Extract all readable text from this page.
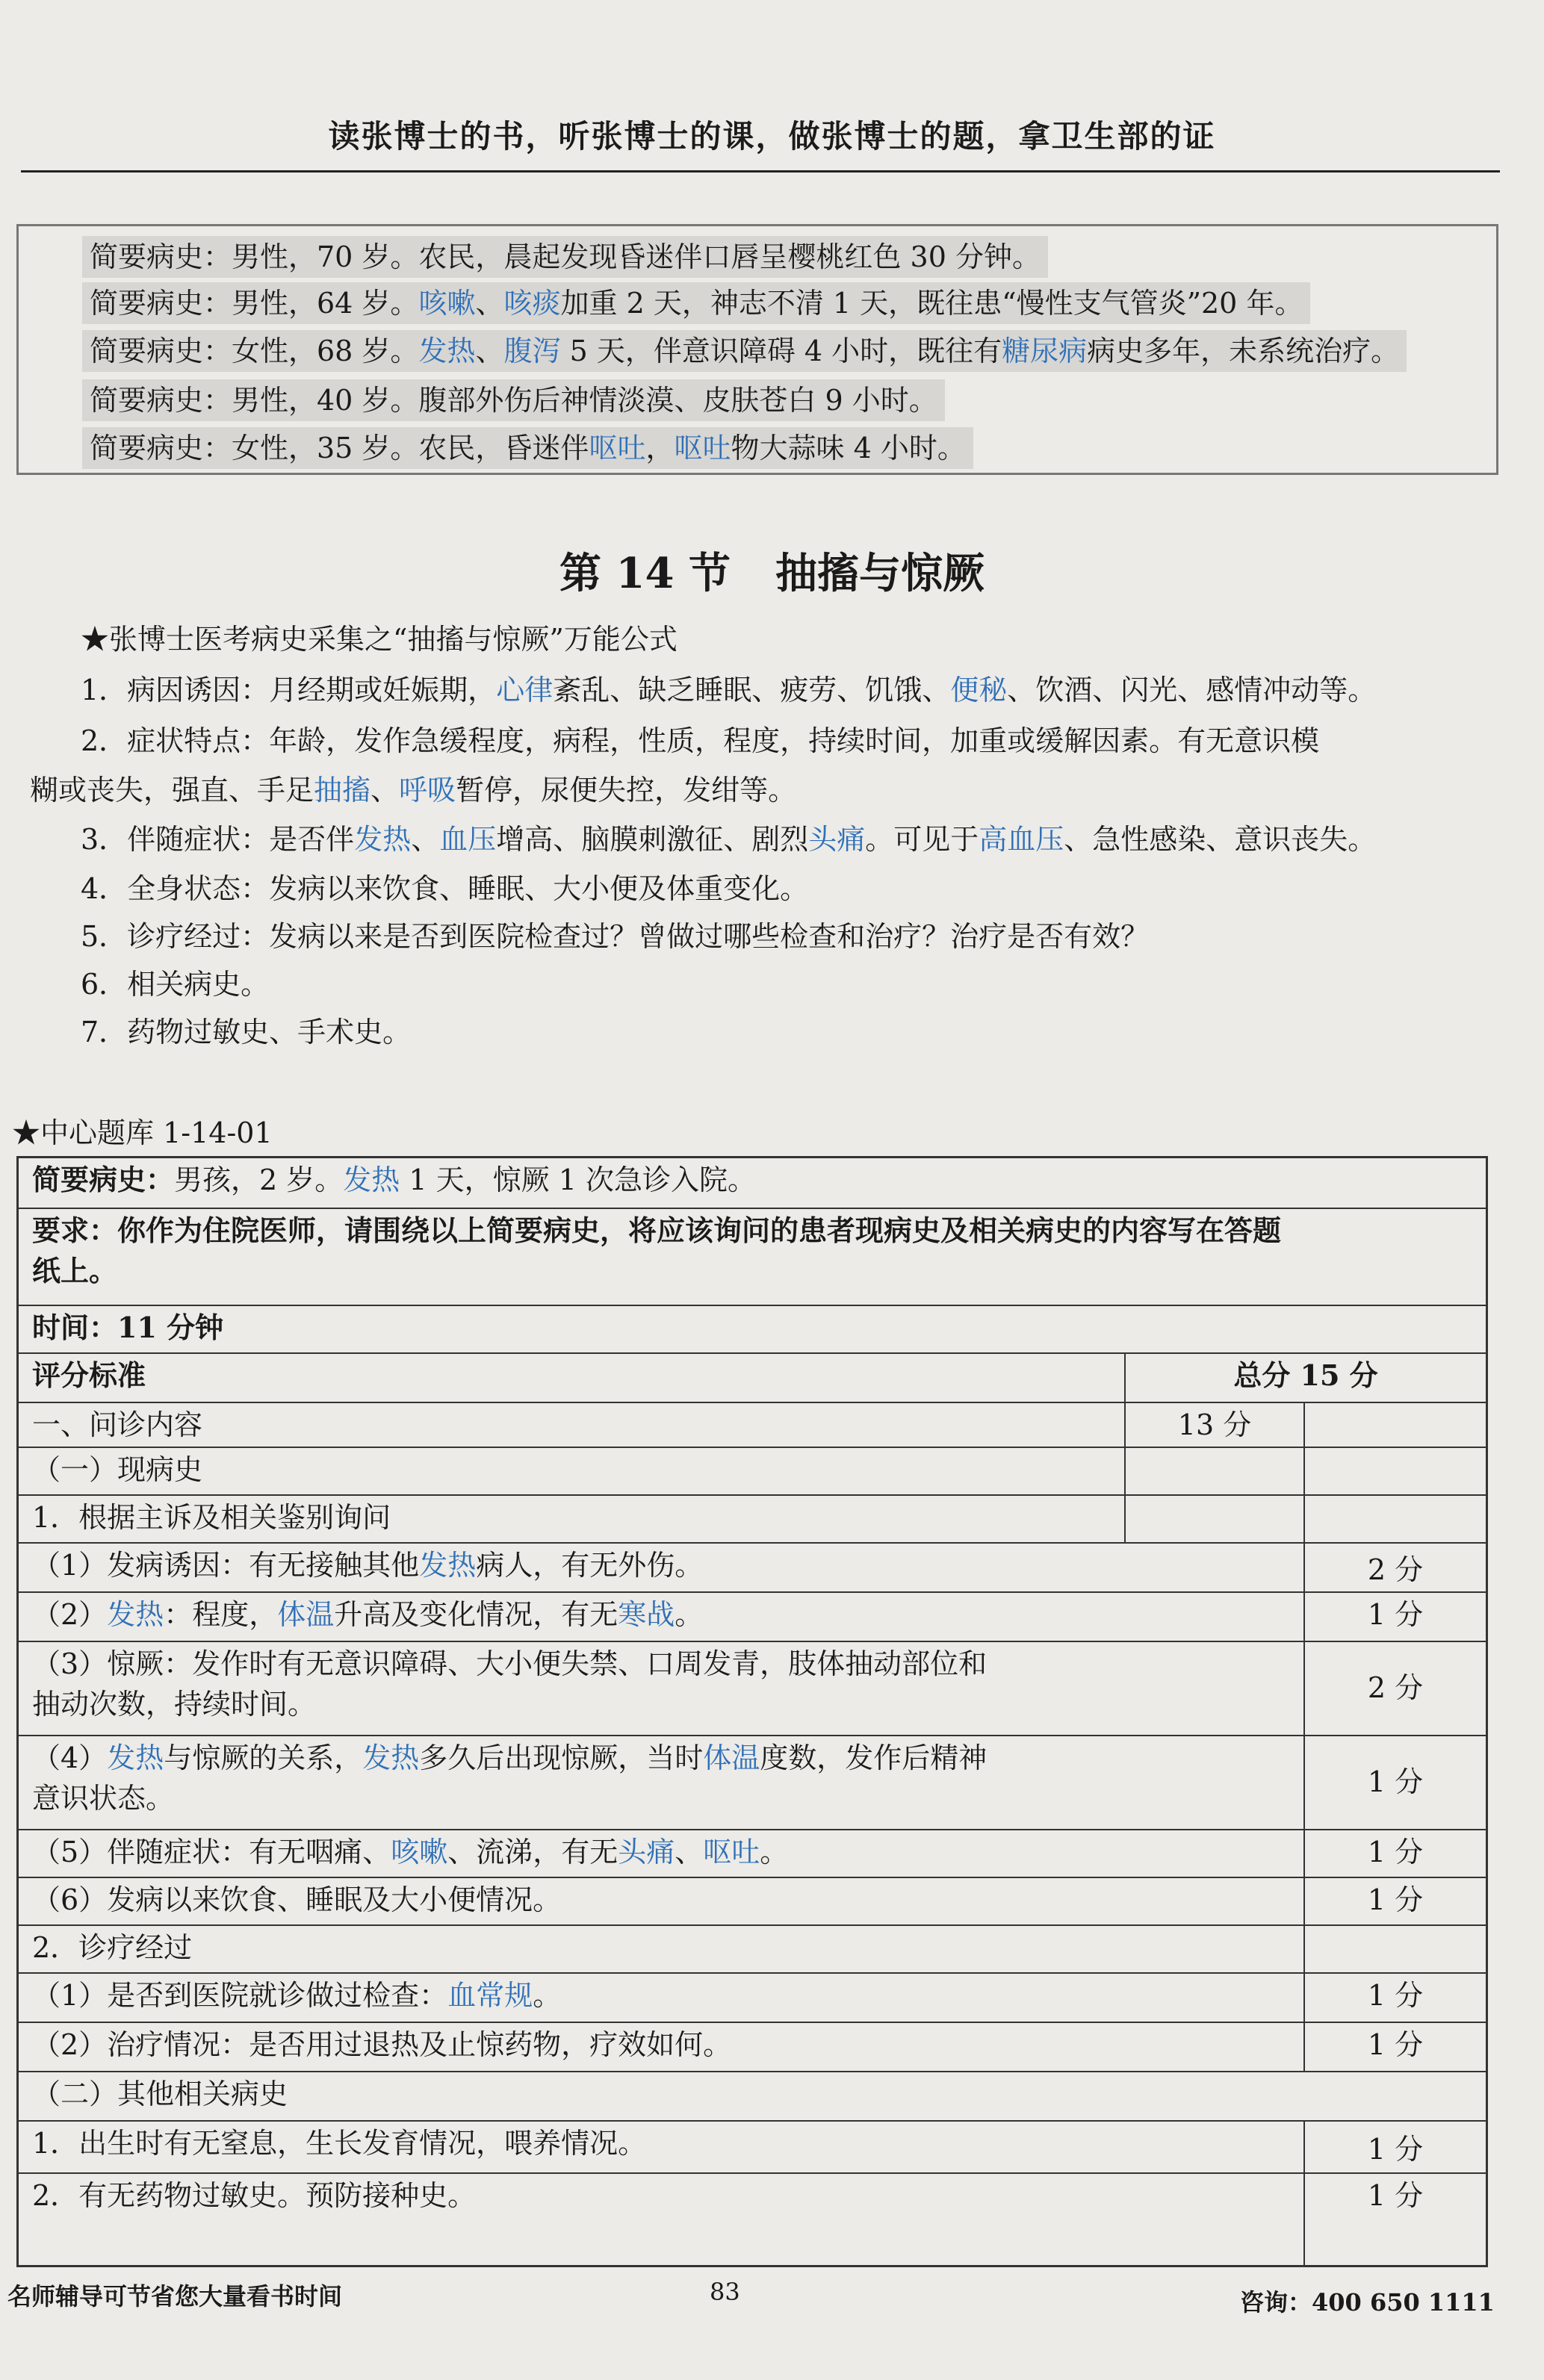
读张博士的书，听张博士的课，做张博士的题，拿卫生部的证
简要病史：男性，70 岁。农民，晨起发现昏迷伴口唇呈樱桃红色 30 分钟。
简要病史：男性，64 岁。咳嗽、咳痰加重 2 天，神志不清 1 天，既往患“慢性支气管炎”20 年。
简要病史：女性，68 岁。发热、腹泻 5 天，伴意识障碍 4 小时，既往有糖尿病病史多年，未系统治疗。
简要病史：男性，40 岁。腹部外伤后神情淡漠、皮肤苍白 9 小时。
简要病史：女性，35 岁。农民，昏迷伴呕吐，呕吐物大蒜味 4 小时。
第 14 节 抽搐与惊厥
★张博士医考病史采集之“抽搐与惊厥”万能公式
1．病因诱因：月经期或妊娠期，心律紊乱、缺乏睡眠、疲劳、饥饿、便秘、饮酒、闪光、感情冲动等。
2．症状特点：年龄，发作急缓程度，病程，性质，程度，持续时间，加重或缓解因素。有无意识模
糊或丧失，强直、手足抽搐、呼吸暂停，尿便失控，发绀等。
3．伴随症状：是否伴发热、血压增高、脑膜刺激征、剧烈头痛。可见于高血压、急性感染、意识丧失。
4．全身状态：发病以来饮食、睡眠、大小便及体重变化。
5．诊疗经过：发病以来是否到医院检查过？曾做过哪些检查和治疗？治疗是否有效？
6．相关病史。
7．药物过敏史、手术史。
★中心题库 1-14-01
简要病史：男孩，2 岁。发热 1 天，惊厥 1 次急诊入院。
要求：你作为住院医师，请围绕以上简要病史，将应该询问的患者现病史及相关病史的内容写在答题
纸上。
时间：11 分钟
评分标准	总分 15 分
一、问诊内容	13 分
（一）现病史
1．根据主诉及相关鉴别询问
（1）发病诱因：有无接触其他发热病人，有无外伤。	2 分
（2）发热：程度，体温升高及变化情况，有无寒战。	1 分
（3）惊厥：发作时有无意识障碍、大小便失禁、口周发青，肢体抽动部位和
抽动次数，持续时间。	2 分
（4）发热与惊厥的关系，发热多久后出现惊厥，当时体温度数，发作后精神
意识状态。	1 分
（5）伴随症状：有无咽痛、咳嗽、流涕，有无头痛、呕吐。	1 分
（6）发病以来饮食、睡眠及大小便情况。	1 分
2．诊疗经过
（1）是否到医院就诊做过检查：血常规。	1 分
（2）治疗情况：是否用过退热及止惊药物，疗效如何。	1 分
（二）其他相关病史
1．出生时有无窒息，生长发育情况，喂养情况。	1 分
2．有无药物过敏史。预防接种史。	1 分
名师辅导可节省您大量看书时间	83	咨询：400 650 1111
